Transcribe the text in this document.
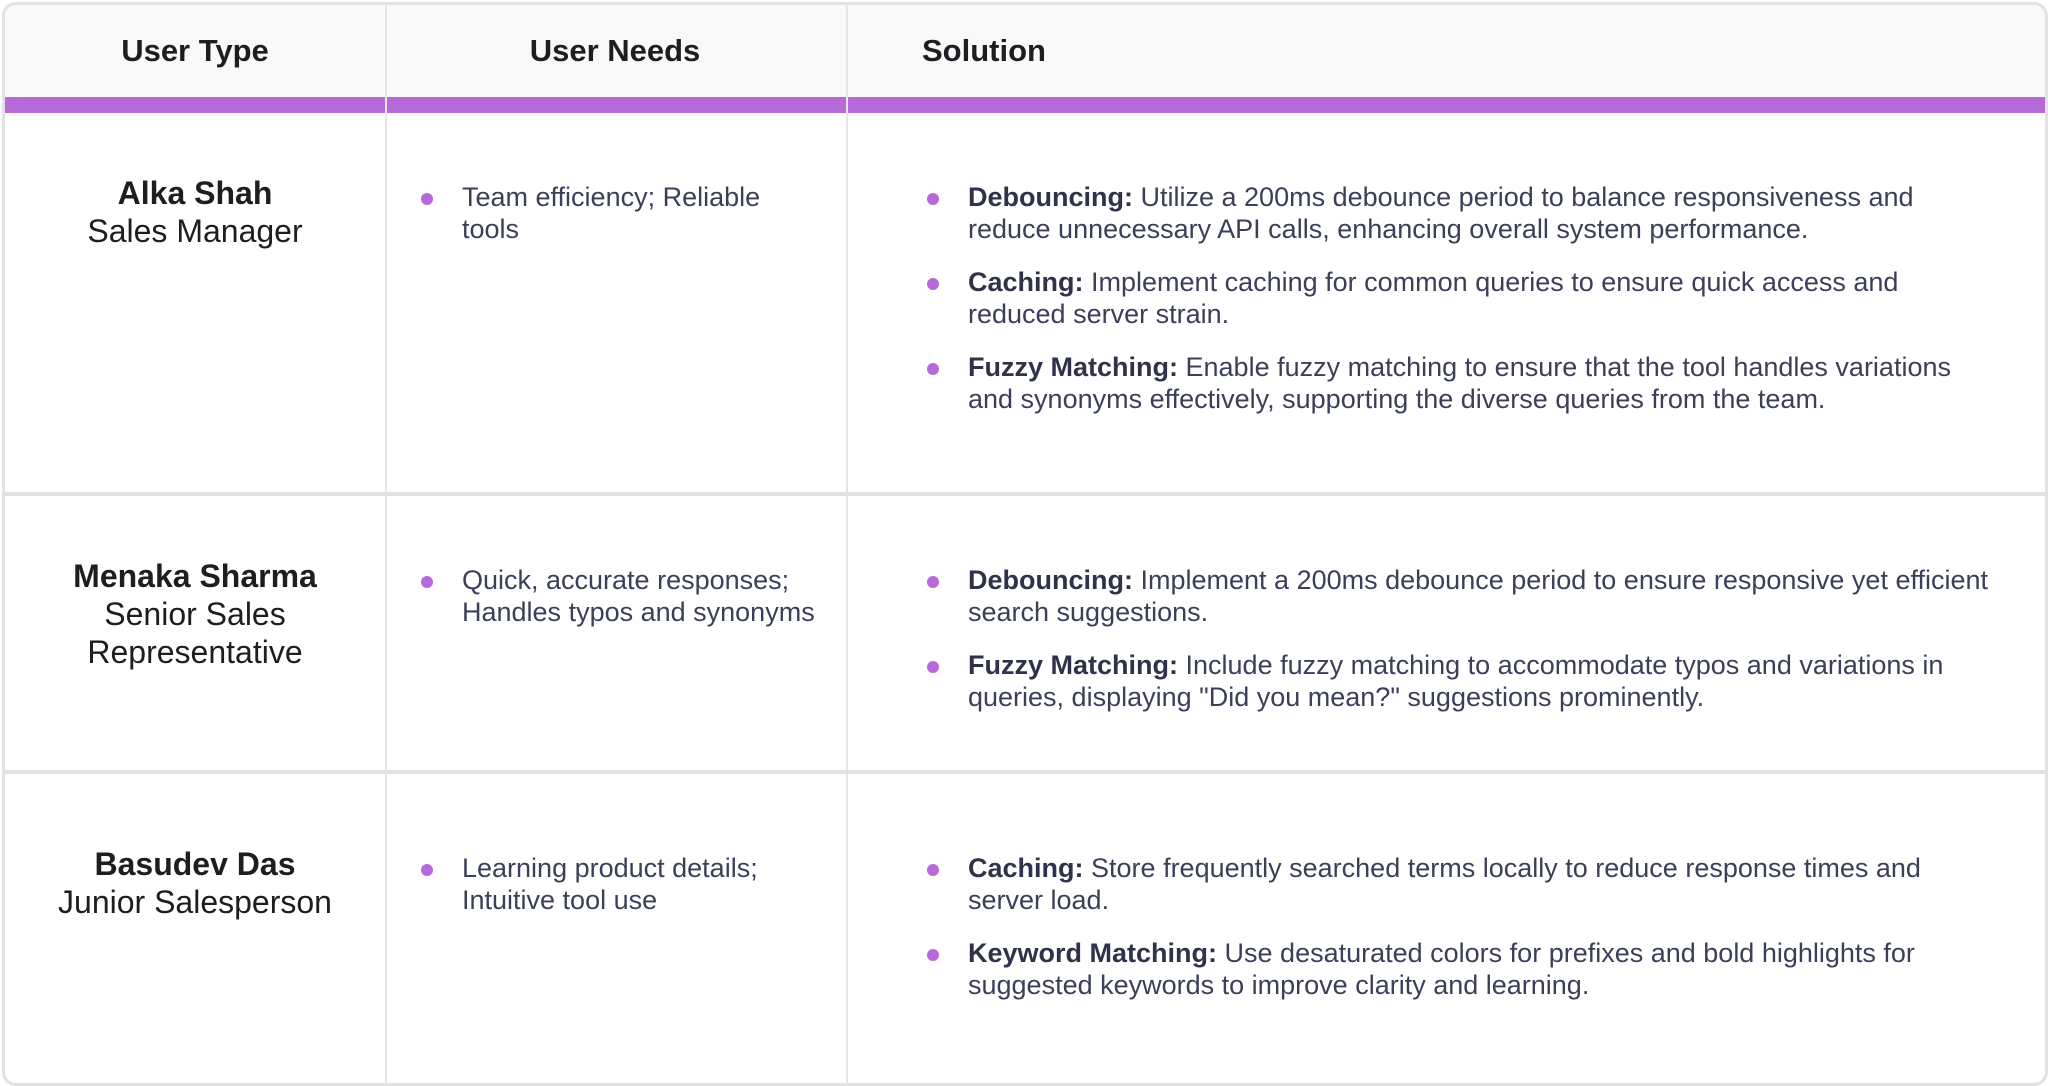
User Type	User Needs	Solution
Alka Shah
Sales Manager
Team efficiency; Reliable tools
Debouncing: Utilize a 200ms debounce period to balance responsiveness and reduce unnecessary API calls, enhancing overall system performance.
Caching: Implement caching for common queries to ensure quick access and reduced server strain.
Fuzzy Matching: Enable fuzzy matching to ensure that the tool handles variations and synonyms effectively, supporting the diverse queries from the team.
Menaka Sharma
Senior Sales Representative
Quick, accurate responses; Handles typos and synonyms
Debouncing: Implement a 200ms debounce period to ensure responsive yet efficient search suggestions.
Fuzzy Matching: Include fuzzy matching to accommodate typos and variations in queries, displaying "Did you mean?" suggestions prominently.
Basudev Das
Junior Salesperson
Learning product details; Intuitive tool use
Caching: Store frequently searched terms locally to reduce response times and server load.
Keyword Matching: Use desaturated colors for prefixes and bold highlights for suggested keywords to improve clarity and learning.
